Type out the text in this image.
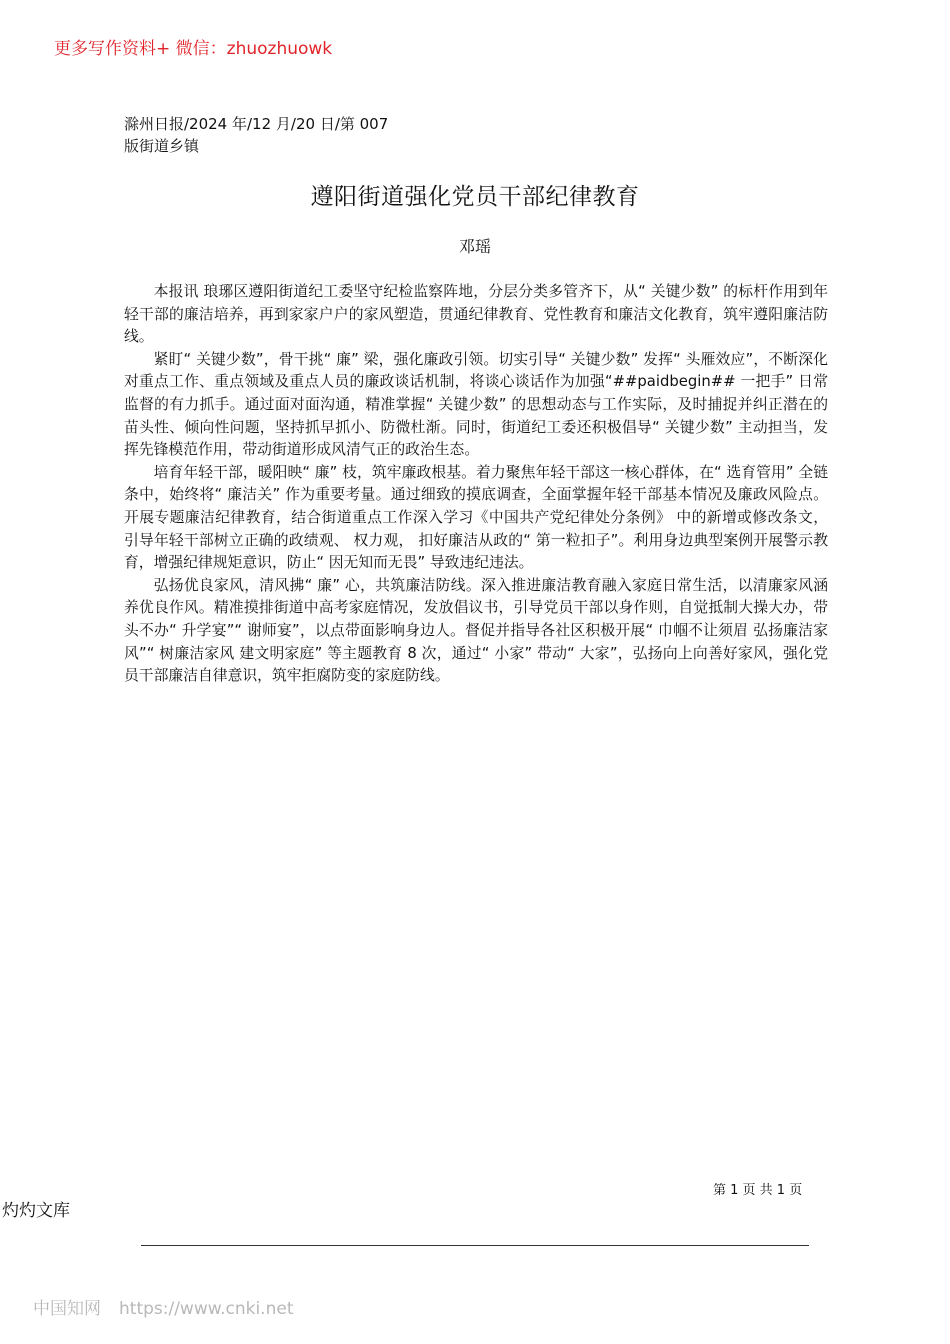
更多写作资料+ 微信：zhuozhuowk
滁州日报/2024 年/12 月/20 日/第 007
版街道乡镇
遵阳街道强化党员干部纪律教育
邓瑶

本报讯 琅琊区遵阳街道纪工委坚守纪检监察阵地，分层分类多管齐下，从“ 关键少数” 的标杆作用到年轻干部的廉洁培养，再到家家户户的家风塑造，贯通纪律教育、党性教育和廉洁文化教育，筑牢遵阳廉洁防线。

紧盯“ 关键少数”，骨干挑“ 廉” 梁，强化廉政引领。切实引导“ 关键少数” 发挥“ 头雁效应”，不断深化对重点工作、重点领域及重点人员的廉政谈话机制，将谈心谈话作为加强“##paidbegin## 一把手” 日常监督的有力抓手。通过面对面沟通，精准掌握“ 关键少数” 的思想动态与工作实际，及时捕捉并纠正潜在的苗头性、倾向性问题，坚持抓早抓小、防微杜渐。同时，街道纪工委还积极倡导“ 关键少数” 主动担当，发挥先锋模范作用，带动街道形成风清气正的政治生态。

培育年轻干部，暖阳映“ 廉” 枝，筑牢廉政根基。着力聚焦年轻干部这一核心群体，在“ 选育管用” 全链条中，始终将“ 廉洁关” 作为重要考量。通过细致的摸底调查，全面掌握年轻干部基本情况及廉政风险点。开展专题廉洁纪律教育，结合街道重点工作深入学习《中国共产党纪律处分条例》 中的新增或修改条文， 引导年轻干部树立正确的政绩观、 权力观， 扣好廉洁从政的“ 第一粒扣子”。利用身边典型案例开展警示教育，增强纪律规矩意识，防止“ 因无知而无畏” 导致违纪违法。

弘扬优良家风，清风拂“ 廉” 心，共筑廉洁防线。深入推进廉洁教育融入家庭日常生活，以清廉家风涵养优良作风。精准摸排街道中高考家庭情况，发放倡议书，引导党员干部以身作则，自觉抵制大操大办，带头不办“ 升学宴”“ 谢师宴”，以点带面影响身边人。督促并指导各社区积极开展“ 巾帼不让须眉 弘扬廉洁家风”“ 树廉洁家风 建文明家庭” 等主题教育 8 次，通过“ 小家” 带动“ 大家”，弘扬向上向善好家风，强化党员干部廉洁自律意识，筑牢拒腐防变的家庭防线。

第 1 页 共 1 页
灼灼文库
中国知网 https://www.cnki.net
